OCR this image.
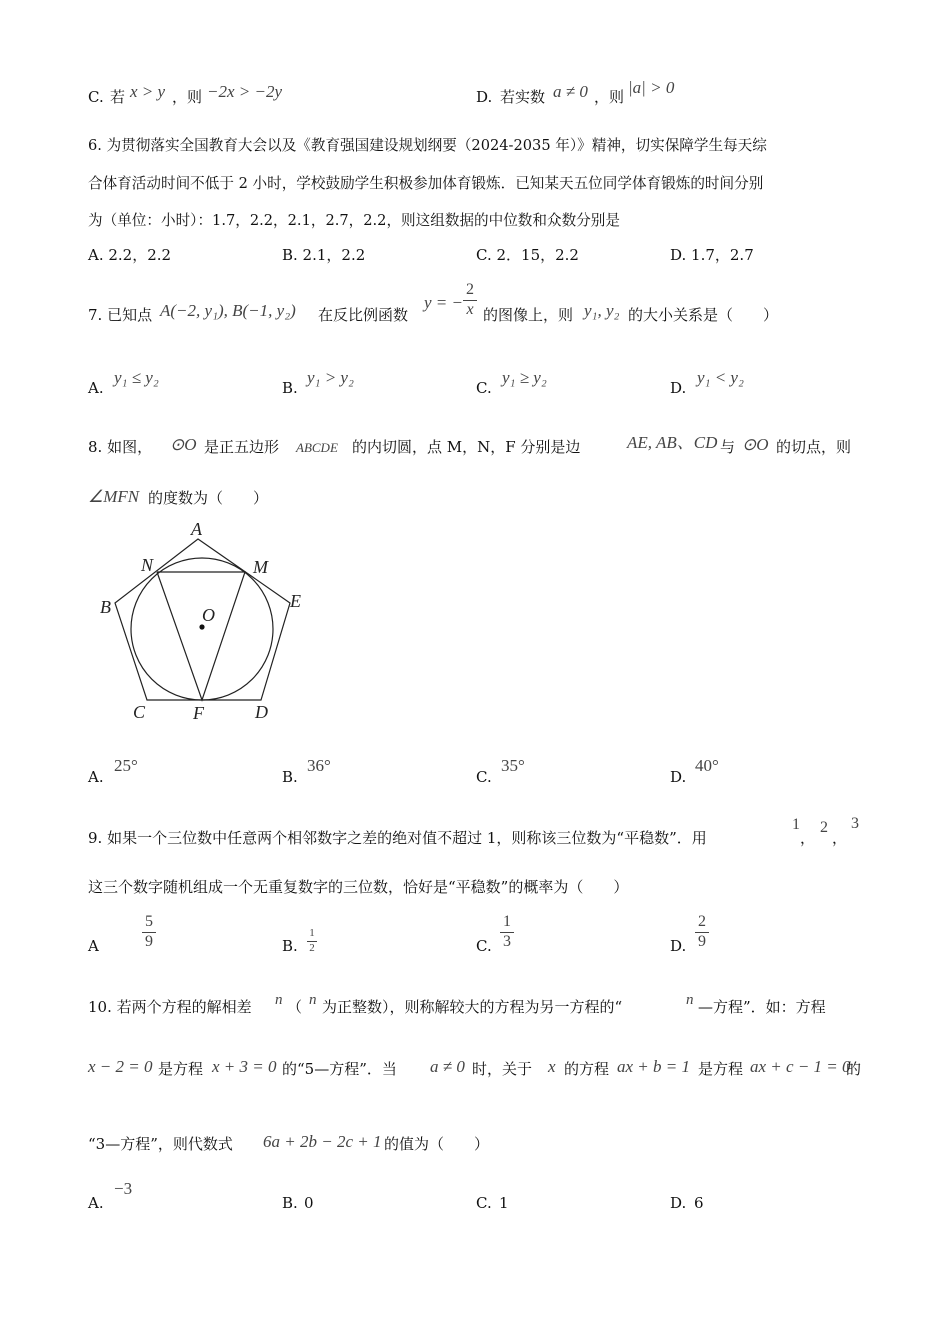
C. 若 x > y ，则 −2x > −2y	D. 若实数 a ≠ 0 ，则 |a| > 0
6. 为贯彻落实全国教育大会以及《教育强国建设规划纲要（2024-2035 年）》精神，切实保障学生每天综
合体育活动时间不低于 2 小时，学校鼓励学生积极参加体育锻炼．已知某天五位同学体育锻炼的时间分别
为（单位：小时）：1.7，2.2，2.1，2.7，2.2，则这组数据的中位数和众数分别是
A. 2.2，2.2	B. 2.1，2.2	C. 2．15，2.2	D. 1.7，2.7
7. 已知点 A(−2, y₁), B(−1, y₂) 在反比例函数
y = −
2
x 的图像上，则 y₁, y₂ 的大小关系是（　　）
A.
y₁ ≤ y₂
B.
y₁ > y₂
C.
y₁ ≥ y₂
D.
y₁ < y₂
8. 如图， ⊙O 是正五边形 ABCDE 的内切圆，点 M，N，F 分别是边	AE, AB、CD 与 ⊙O 的切点，则
∠MFN 的度数为（　　）
A
N	M
B	E
O
C	F	D
A.
25°
B.
36°
C.
35°
D.
40°
9. 如果一个三位数中任意两个相邻数字之差的绝对值不超过 1，则称该三位数为“平稳数”．用
1
，
2
，
3
这三个数字随机组成一个无重复数字的三位数，恰好是“平稳数”的概率为（　　）
A
5
9	B.
1
2	C.
1
3	D.
2
9
10. 若两个方程的解相差 n （ n 为正整数），则称解较大的方程为另一方程的“	n —方程”．如：方程
x − 2 = 0 是方程 x + 3 = 0 的“5—方程”．当 a ≠ 0 时，关于 x 的方程 ax + b = 1 是方程 ax + c − 1 = 0
的
“3—方程”，则代数式 6a + 2b − 2c + 1 的值为（　　）
A.
−3
B. 0	C. 1	D. 6
